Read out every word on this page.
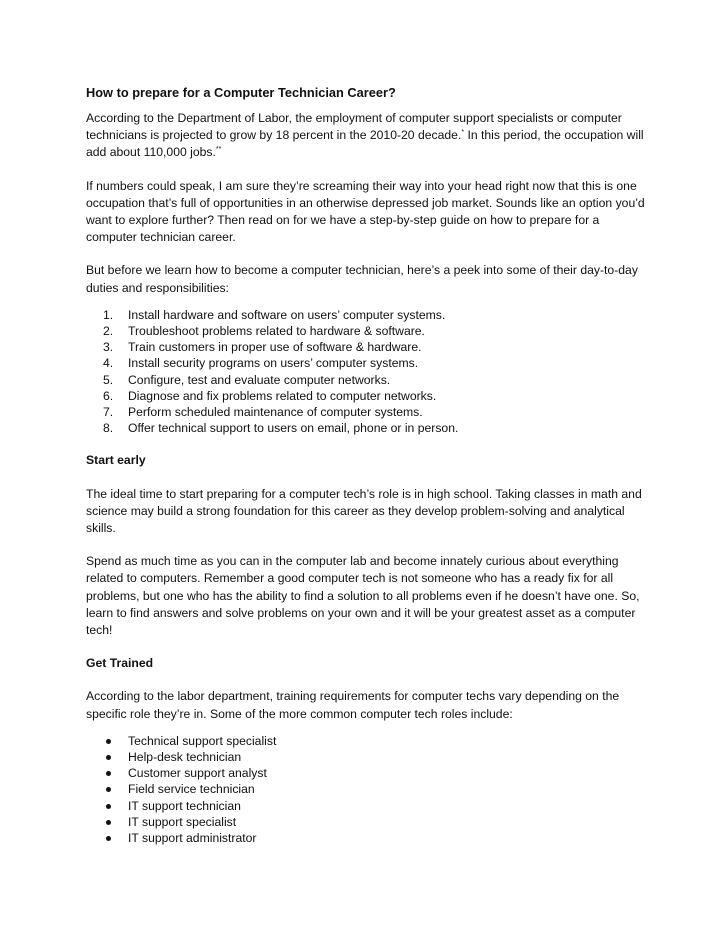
How to prepare for a Computer Technician Career?

According to the Department of Labor, the employment of computer support specialists or computer technicians is projected to grow by 18 percent in the 2010-20 decade.* In this period, the occupation will add about 110,000 jobs.**

If numbers could speak, I am sure they’re screaming their way into your head right now that this is one occupation that’s full of opportunities in an otherwise depressed job market. Sounds like an option you’d want to explore further? Then read on for we have a step-by-step guide on how to prepare for a computer technician career.

But before we learn how to become a computer technician, here’s a peek into some of their day-to-day duties and responsibilities:

1.	Install hardware and software on users’ computer systems.
2.	Troubleshoot problems related to hardware & software.
3.	Train customers in proper use of software & hardware.
4.	Install security programs on users’ computer systems.
5.	Configure, test and evaluate computer networks.
6.	Diagnose and fix problems related to computer networks.
7.	Perform scheduled maintenance of computer systems.
8.	Offer technical support to users on email, phone or in person.
Start early

The ideal time to start preparing for a computer tech’s role is in high school. Taking classes in math and science may build a strong foundation for this career as they develop problem-solving and analytical skills.

Spend as much time as you can in the computer lab and become innately curious about everything related to computers. Remember a good computer tech is not someone who has a ready fix for all problems, but one who has the ability to find a solution to all problems even if he doesn’t have one. So, learn to find answers and solve problems on your own and it will be your greatest asset as a computer tech!

Get Trained

According to the labor department, training requirements for computer techs vary depending on the specific role they’re in. Some of the more common computer tech roles include:

Technical support specialist
Help-desk technician
Customer support analyst
Field service technician
IT support technician
IT support specialist
IT support administrator
